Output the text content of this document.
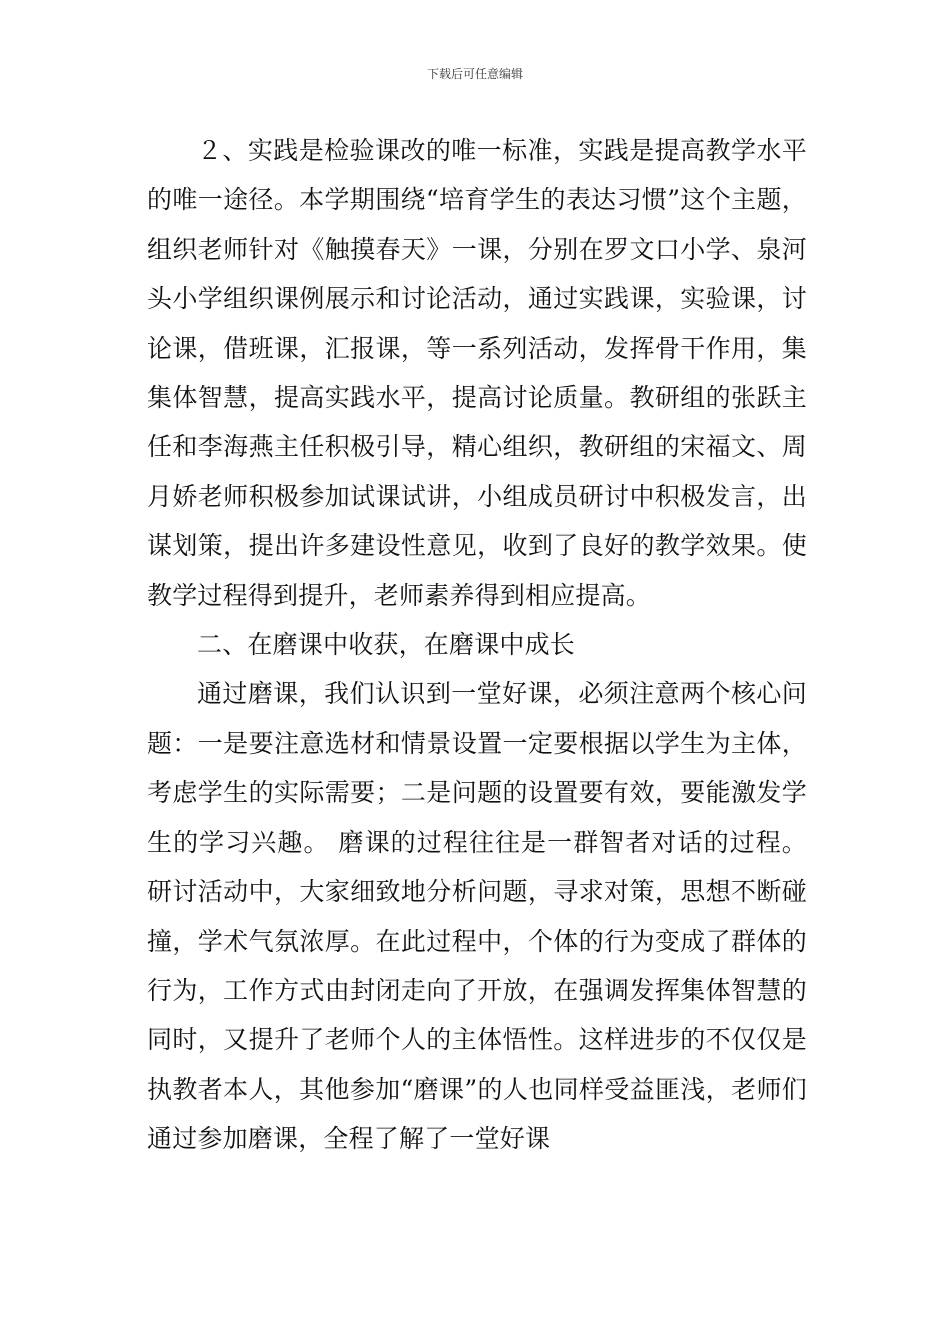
下载后可任意编辑

２、实践是检验课改的唯一标准，实践是提高教学水平的唯一途径。本学期围绕“培育学生的表达习惯”这个主题，组织老师针对《触摸春天》一课，分别在罗文口小学、泉河头小学组织课例展示和讨论活动，通过实践课，实验课，讨论课，借班课，汇报课，等一系列活动，发挥骨干作用，集集体智慧，提高实践水平，提高讨论质量。教研组的张跃主任和李海燕主任积极引导，精心组织，教研组的宋福文、周月娇老师积极参加试课试讲，小组成员研讨中积极发言，出谋划策，提出许多建设性意见，收到了良好的教学效果。使教学过程得到提升，老师素养得到相应提高。

二、在磨课中收获，在磨课中成长

通过磨课，我们认识到一堂好课，必须注意两个核心问题：一是要注意选材和情景设置一定要根据以学生为主体，考虑学生的实际需要；二是问题的设置要有效，要能激发学生的学习兴趣。 磨课的过程往往是一群智者对话的过程。研讨活动中，大家细致地分析问题，寻求对策，思想不断碰撞，学术气氛浓厚。在此过程中，个体的行为变成了群体的行为，工作方式由封闭走向了开放，在强调发挥集体智慧的同时，又提升了老师个人的主体悟性。这样进步的不仅仅是执教者本人，其他参加“磨课”的人也同样受益匪浅，老师们通过参加磨课，全程了解了一堂好课
